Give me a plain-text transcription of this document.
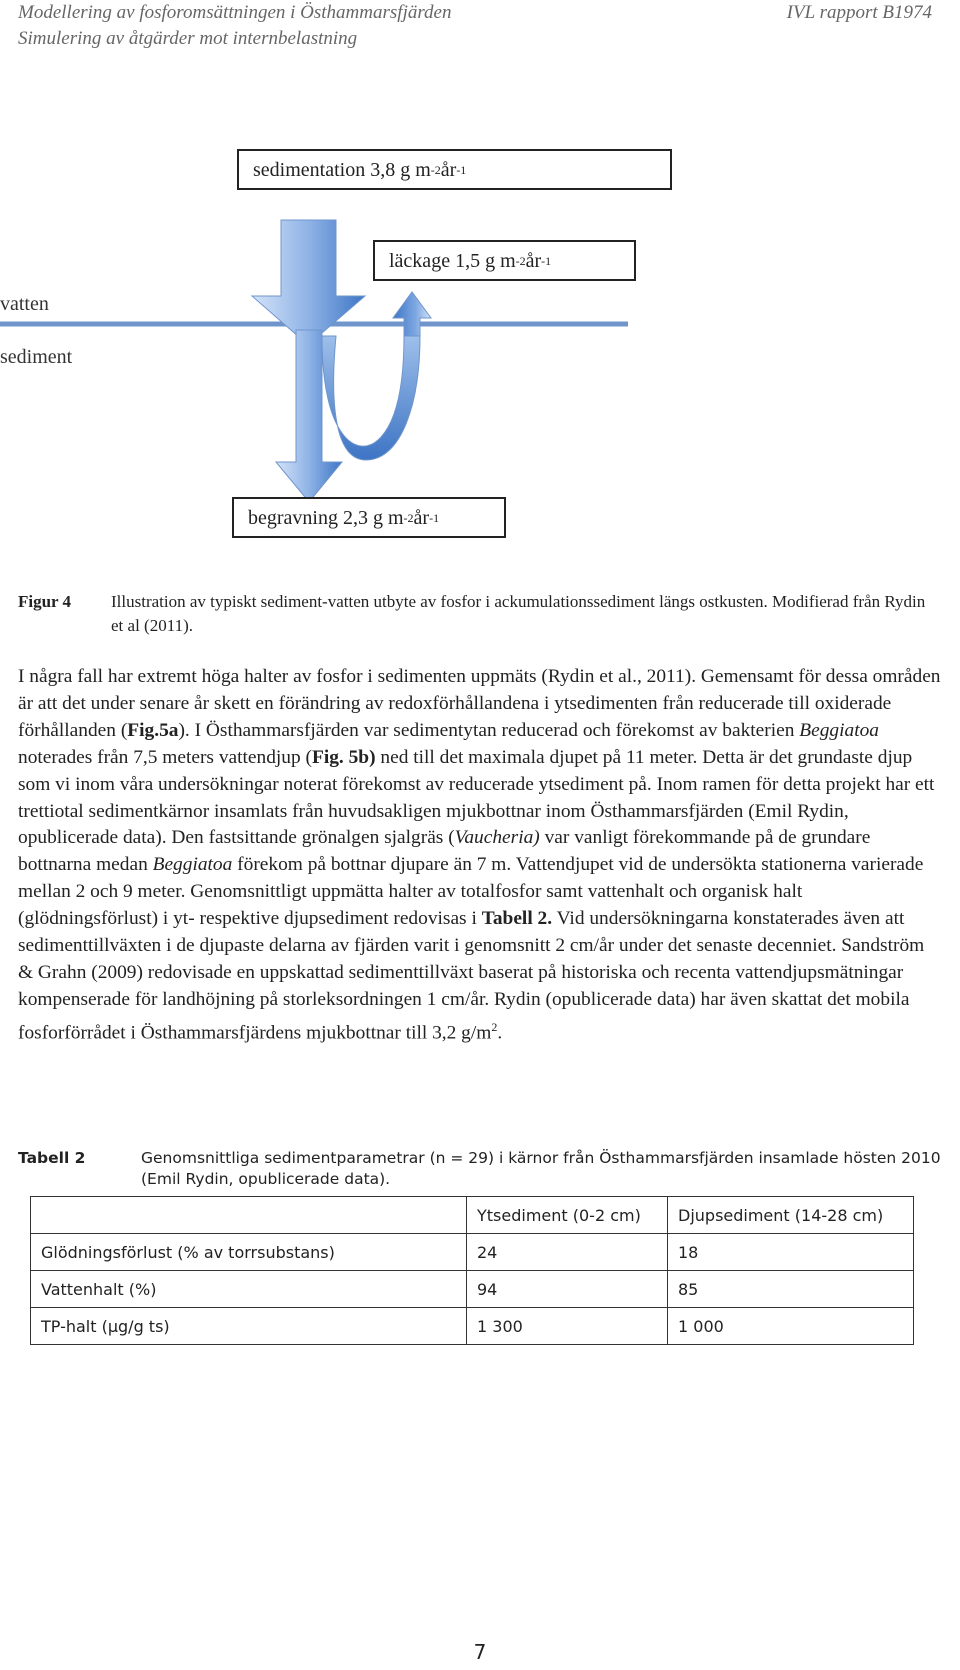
Modellering av fosforomsättningen i Östhammarsfjärden
Simulering av åtgärder mot internbelastning
IVL rapport B1974
sedimentation 3,8 g m -2 år -1
läckage 1,5 g m -2 år -1
begravning 2,3 g m -2 år -1
vatten
sediment
Figur 4 Illustration av typiskt sediment-vatten utbyte av fosfor i ackumulationssediment längs ostkusten. Modifierad från Rydin et al (2011).

I några fall har extremt höga halter av fosfor i sedimenten uppmäts (Rydin et al., 2011). Gemensamt för dessa områden är att det under senare år skett en förändring av redoxförhållandena i ytsedimenten från reducerade till oxiderade förhållanden (Fig.5a). I Östhammarsfjärden var sedimentytan reducerad och förekomst av bakterien Beggiatoa noterades från 7,5 meters vattendjup (Fig. 5b) ned till det maximala djupet på 11 meter. Detta är det grundaste djup som vi inom våra undersökningar noterat förekomst av reducerade ytsediment på. Inom ramen för detta projekt har ett trettiotal sedimentkärnor insamlats från huvudsakligen mjukbottnar inom Östhammarsfjärden (Emil Rydin, opublicerade data). Den fastsittande grönalgen sjalgräs (Vaucheria) var vanligt förekommande på de grundare bottnarna medan Beggiatoa förekom på bottnar djupare än 7 m. Vattendjupet vid de undersökta stationerna varierade mellan 2 och 9 meter. Genomsnittligt uppmätta halter av totalfosfor samt vattenhalt och organisk halt (glödningsförlust) i yt- respektive djupsediment redovisas i Tabell 2. Vid undersökningarna konstaterades även att sedimenttillväxten i de djupaste delarna av fjärden varit i genomsnitt 2 cm/år under det senaste decenniet. Sandström & Grahn (2009) redovisade en uppskattad sedimenttillväxt baserat på historiska och recenta vattendjupsmätningar kompenserade för landhöjning på storleksordningen 1 cm/år. Rydin (opublicerade data) har även skattat det mobila fosforförrådet i Östhammarsfjärdens mjukbottnar till 3,2 $g/m^2$.

Tabell 2	Genomsnittliga sedimentparametrar (n = 29) i kärnor från Östhammarsfjärden insamlade hösten 2010 (Emil Rydin, opublicerade data).
	Ytsediment (0-2 cm)	Djupsediment (14-28 cm)
Glödningsförlust (% av torrsubstans)	24	18
Vattenhalt (%)	94	85
TP-halt (µg/g ts)	1 300	1 000
7
